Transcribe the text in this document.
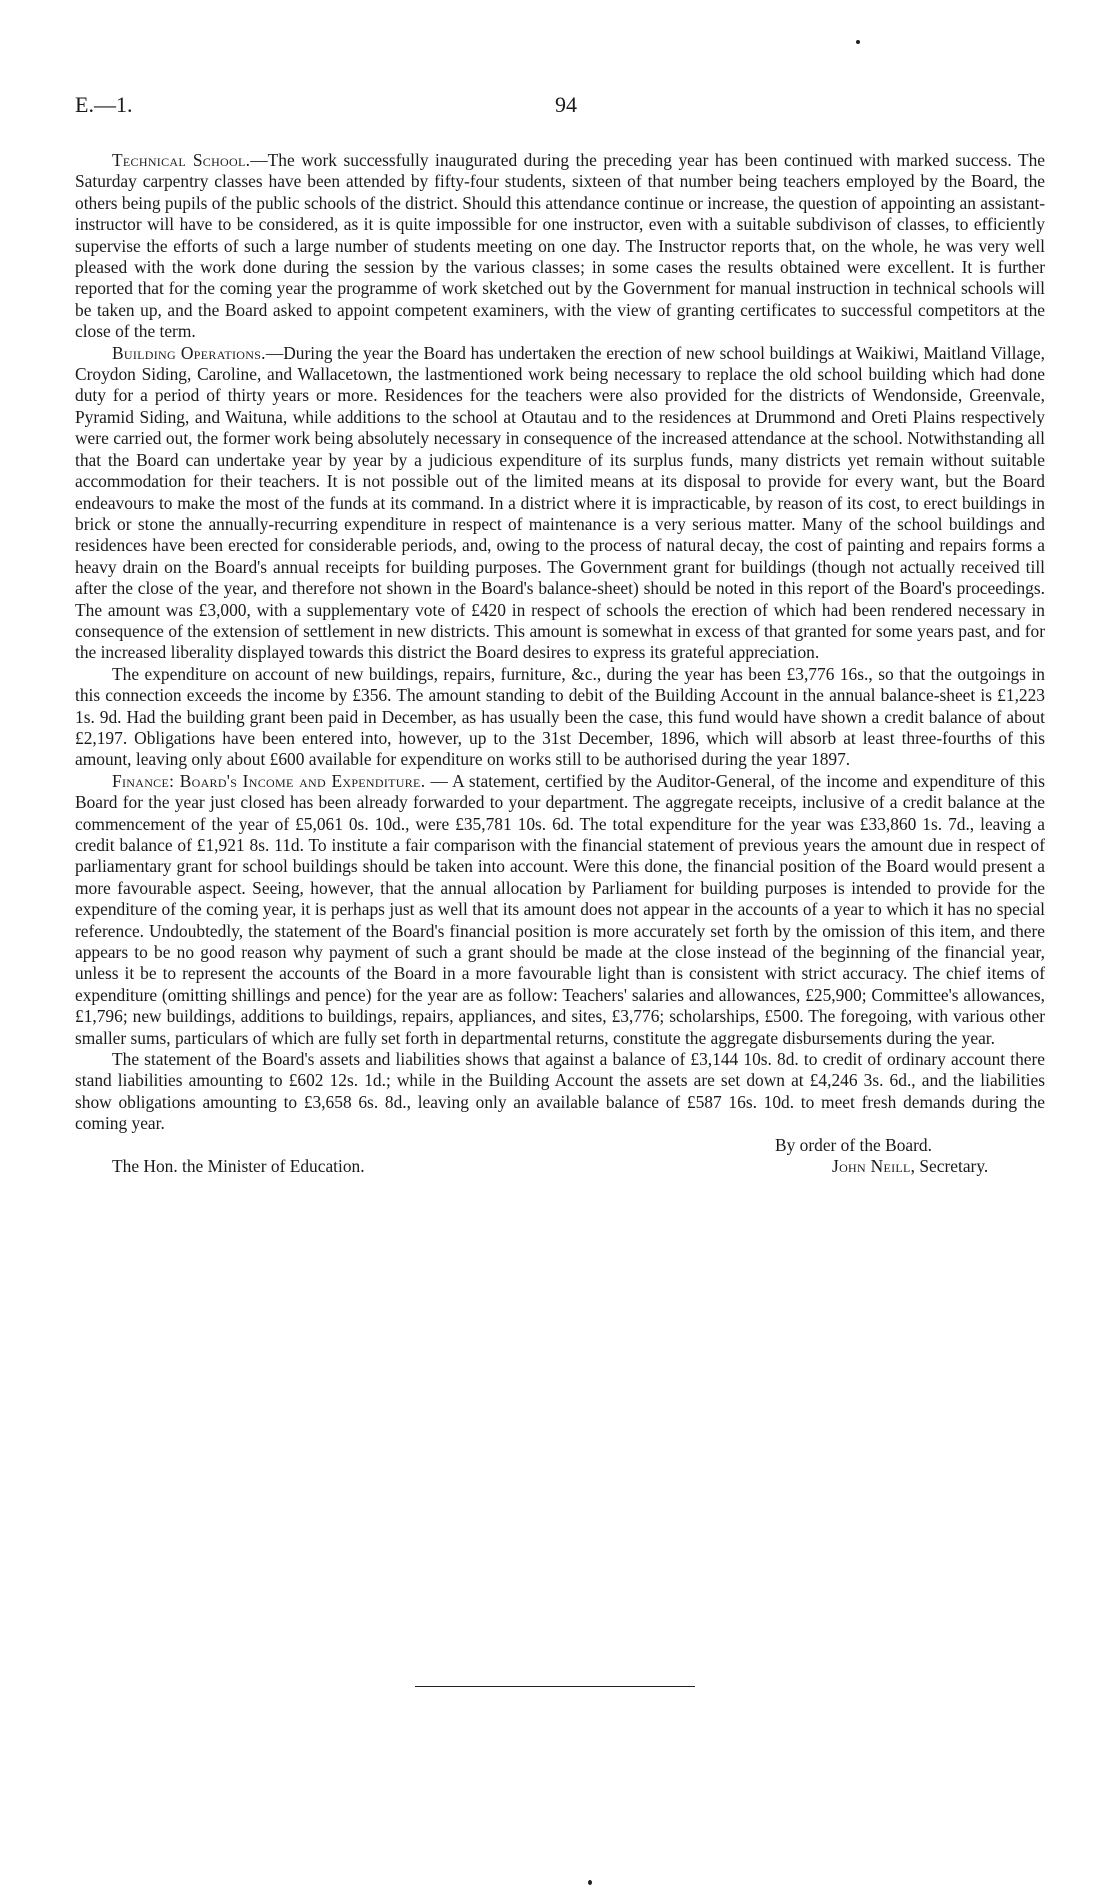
E.—1.	94

Technical School.—The work successfully inaugurated during the preceding year has been continued with marked success. The Saturday carpentry classes have been attended by fifty-four students, sixteen of that number being teachers employed by the Board, the others being pupils of the public schools of the district. Should this attendance continue or increase, the question of appointing an assistant-instructor will have to be considered, as it is quite impossible for one instructor, even with a suitable subdivison of classes, to efficiently supervise the efforts of such a large number of students meeting on one day. The Instructor reports that, on the whole, he was very well pleased with the work done during the session by the various classes; in some cases the results obtained were excellent. It is further reported that for the coming year the programme of work sketched out by the Government for manual instruction in technical schools will be taken up, and the Board asked to appoint competent examiners, with the view of granting certificates to successful competitors at the close of the term.

Building Operations.—During the year the Board has undertaken the erection of new school buildings at Waikiwi, Maitland Village, Croydon Siding, Caroline, and Wallacetown, the lastmentioned work being necessary to replace the old school building which had done duty for a period of thirty years or more. Residences for the teachers were also provided for the districts of Wendonside, Greenvale, Pyramid Siding, and Waituna, while additions to the school at Otautau and to the residences at Drummond and Oreti Plains respectively were carried out, the former work being absolutely necessary in consequence of the increased attendance at the school. Notwithstanding all that the Board can undertake year by year by a judicious expenditure of its surplus funds, many districts yet remain without suitable accommodation for their teachers. It is not possible out of the limited means at its disposal to provide for every want, but the Board endeavours to make the most of the funds at its command. In a district where it is impracticable, by reason of its cost, to erect buildings in brick or stone the annually-recurring expenditure in respect of maintenance is a very serious matter. Many of the school buildings and residences have been erected for considerable periods, and, owing to the process of natural decay, the cost of painting and repairs forms a heavy drain on the Board's annual receipts for building purposes. The Government grant for buildings (though not actually received till after the close of the year, and therefore not shown in the Board's balance-sheet) should be noted in this report of the Board's proceedings. The amount was £3,000, with a supplementary vote of £420 in respect of schools the erection of which had been rendered necessary in consequence of the extension of settlement in new districts. This amount is somewhat in excess of that granted for some years past, and for the increased liberality displayed towards this district the Board desires to express its grateful appreciation.

The expenditure on account of new buildings, repairs, furniture, &c., during the year has been £3,776 16s., so that the outgoings in this connection exceeds the income by £356. The amount standing to debit of the Building Account in the annual balance-sheet is £1,223 1s. 9d. Had the building grant been paid in December, as has usually been the case, this fund would have shown a credit balance of about £2,197. Obligations have been entered into, however, up to the 31st December, 1896, which will absorb at least three-fourths of this amount, leaving only about £600 available for expenditure on works still to be authorised during the year 1897.

Finance: Board's Income and Expenditure. — A statement, certified by the Auditor-General, of the income and expenditure of this Board for the year just closed has been already forwarded to your department. The aggregate receipts, inclusive of a credit balance at the commencement of the year of £5,061 0s. 10d., were £35,781 10s. 6d. The total expenditure for the year was £33,860 1s. 7d., leaving a credit balance of £1,921 8s. 11d. To institute a fair comparison with the financial statement of previous years the amount due in respect of parliamentary grant for school buildings should be taken into account. Were this done, the financial position of the Board would present a more favourable aspect. Seeing, however, that the annual allocation by Parliament for building purposes is intended to provide for the expenditure of the coming year, it is perhaps just as well that its amount does not appear in the accounts of a year to which it has no special reference. Undoubtedly, the statement of the Board's financial position is more accurately set forth by the omission of this item, and there appears to be no good reason why payment of such a grant should be made at the close instead of the beginning of the financial year, unless it be to represent the accounts of the Board in a more favourable light than is consistent with strict accuracy. The chief items of expenditure (omitting shillings and pence) for the year are as follow: Teachers' salaries and allowances, £25,900; Committee's allowances, £1,796; new buildings, additions to buildings, repairs, appliances, and sites, £3,776; scholarships, £500. The foregoing, with various other smaller sums, particulars of which are fully set forth in departmental returns, constitute the aggregate disbursements during the year.

The statement of the Board's assets and liabilities shows that against a balance of £3,144 10s. 8d. to credit of ordinary account there stand liabilities amounting to £602 12s. 1d.; while in the Building Account the assets are set down at £4,246 3s. 6d., and the liabilities show obligations amounting to £3,658 6s. 8d., leaving only an available balance of £587 16s. 10d. to meet fresh demands during the coming year.

By order of the Board.
The Hon. the Minister of Education.	John Neill, Secretary.
